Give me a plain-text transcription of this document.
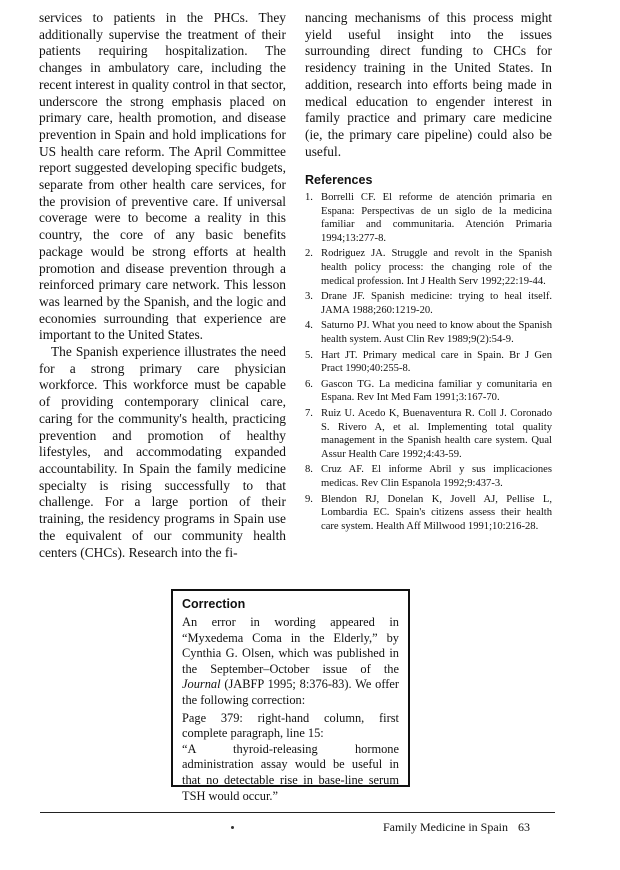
services to patients in the PHCs. They additionally supervise the treatment of their patients requiring hospitalization. The changes in ambulatory care, including the recent interest in quality control in that sector, underscore the strong emphasis placed on primary care, health promotion, and disease prevention in Spain and hold implications for US health care reform. The April Committee report suggested developing specific budgets, separate from other health care services, for the provision of preventive care. If universal coverage were to become a reality in this country, the core of any basic benefits package would be strong efforts at health promotion and disease prevention through a reinforced primary care network. This lesson was learned by the Spanish, and the logic and economies surrounding that experience are important to the United States.

The Spanish experience illustrates the need for a strong primary care physician workforce. This workforce must be capable of providing contemporary clinical care, caring for the community's health, practicing prevention and promotion of healthy lifestyles, and accommodating expanded accountability. In Spain the family medicine specialty is rising successfully to that challenge. For a large portion of their training, the residency programs in Spain use the equivalent of our community health centers (CHCs). Research into the fi-

nancing mechanisms of this process might yield useful insight into the issues surrounding direct funding to CHCs for residency training in the United States. In addition, research into efforts being made in medical education to engender interest in family practice and primary care medicine (ie, the primary care pipeline) could also be useful.

References
1. Borrelli CF. El reforme de atención primaria en Espana: Perspectivas de un siglo de la medicina familiar and communitaria. Atención Primaria 1994;13:277-8.
2. Rodriguez JA. Struggle and revolt in the Spanish health policy process: the changing role of the medical profession. Int J Health Serv 1992;22:19-44.
3. Drane JF. Spanish medicine: trying to heal itself. JAMA 1988;260:1219-20.
4. Saturno PJ. What you need to know about the Spanish health system. Aust Clin Rev 1989;9(2):54-9.
5. Hart JT. Primary medical care in Spain. Br J Gen Pract 1990;40:255-8.
6. Gascon TG. La medicina familiar y comunitaria en Espana. Rev Int Med Fam 1991;3:167-70.
7. Ruiz U. Acedo K, Buenaventura R. Coll J. Coronado S. Rivero A, et al. Implementing total quality management in the Spanish health care system. Qual Assur Health Care 1992;4:43-59.
8. Cruz AF. El informe Abril y sus implicaciones medicas. Rev Clin Espanola 1992;9:437-3.
9. Blendon RJ, Donelan K, Jovell AJ, Pellise L, Lombardia EC. Spain's citizens assess their health care system. Health Aff Millwood 1991;10:216-28.
Correction

An error in wording appeared in “Myxedema Coma in the Elderly,” by Cynthia G. Olsen, which was published in the September–October issue of the Journal (JABFP 1995; 8:376-83). We offer the following correction:

Page 379: right-hand column, first complete paragraph, line 15:

“A thyroid-releasing hormone administration assay would be useful in that no detectable rise in base-line serum TSH would occur.”

Family Medicine in Spain 63
